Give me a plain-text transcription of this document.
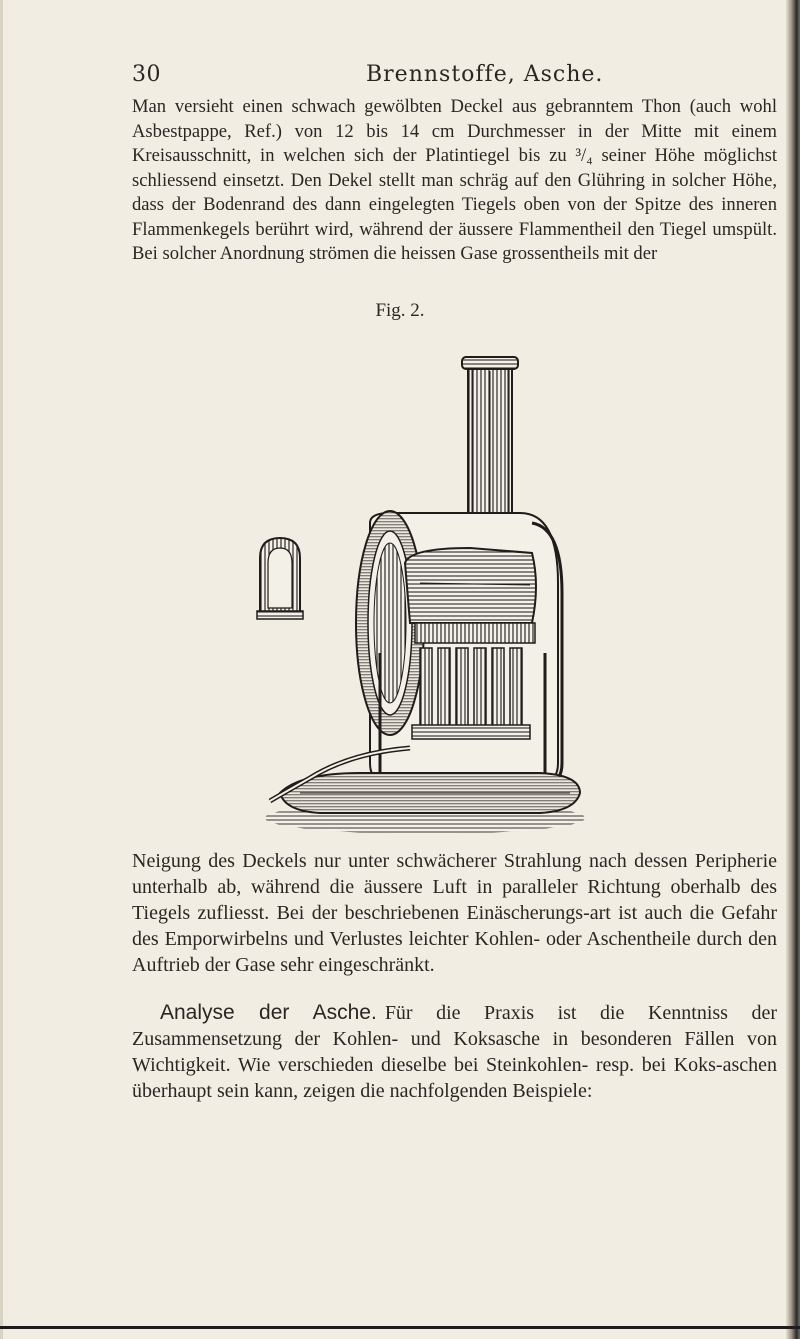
30	Brennstoffe, Asche.

Man versieht einen schwach gewölbten Deckel aus gebranntem Thon (auch wohl Asbestpappe, Ref.) von 12 bis 14 cm Durchmesser in der Mitte mit einem Kreisausschnitt, in welchen sich der Platintiegel bis zu ³/₄ seiner Höhe möglichst schliessend einsetzt. Den Dekel stellt man schräg auf den Glühring in solcher Höhe, dass der Bodenrand des dann eingelegten Tiegels oben von der Spitze des inneren Flammenkegels berührt wird, während der äussere Flammentheil den Tiegel umspült. Bei solcher Anordnung strömen die heissen Gase grossentheils mit der

Fig. 2.

Neigung des Deckels nur unter schwächerer Strahlung nach dessen Peripherie unterhalb ab, während die äussere Luft in paralleler Richtung oberhalb des Tiegels zufliesst. Bei der beschriebenen Einäscherungs-art ist auch die Gefahr des Emporwirbelns und Verlustes leichter Kohlen- oder Aschentheile durch den Auftrieb der Gase sehr eingeschränkt.

Analyse der Asche. Für die Praxis ist die Kenntniss der Zusammensetzung der Kohlen- und Koksasche in besonderen Fällen von Wichtigkeit. Wie verschieden dieselbe bei Steinkohlen- resp. bei Koks-aschen überhaupt sein kann, zeigen die nachfolgenden Beispiele:
